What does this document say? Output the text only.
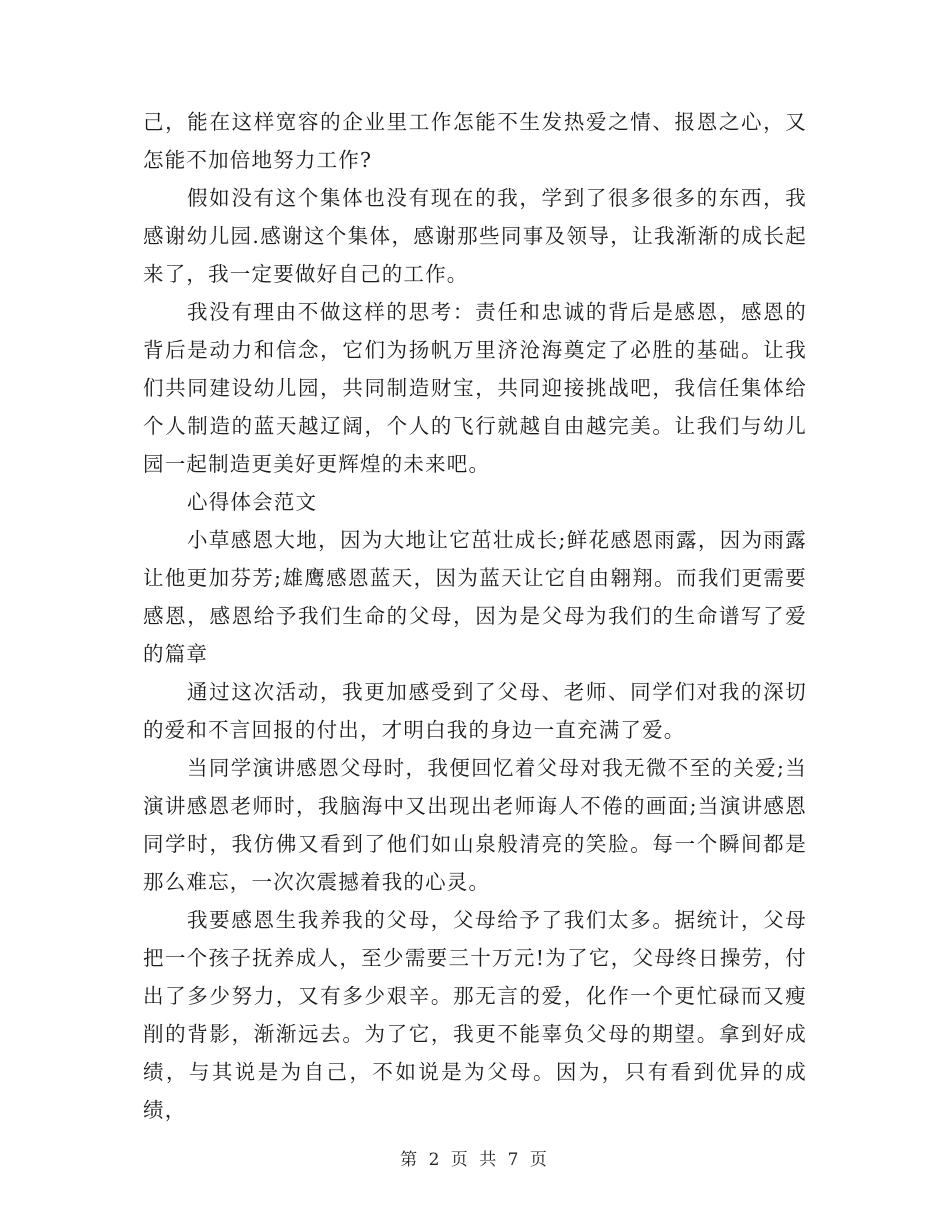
己，能在这样宽容的企业里工作怎能不生发热爱之情、报恩之心，又怎能不加倍地努力工作?

假如没有这个集体也没有现在的我，学到了很多很多的东西，我感谢幼儿园.感谢这个集体，感谢那些同事及领导，让我渐渐的成长起来了，我一定要做好自己的工作。

我没有理由不做这样的思考：责任和忠诚的背后是感恩，感恩的背后是动力和信念，它们为扬帆万里济沧海奠定了必胜的基础。让我们共同建设幼儿园，共同制造财宝，共同迎接挑战吧，我信任集体给个人制造的蓝天越辽阔，个人的飞行就越自由越完美。让我们与幼儿园一起制造更美好更辉煌的未来吧。

心得体会范文

小草感恩大地，因为大地让它茁壮成长;鲜花感恩雨露，因为雨露让他更加芬芳;雄鹰感恩蓝天，因为蓝天让它自由翱翔。而我们更需要感恩，感恩给予我们生命的父母，因为是父母为我们的生命谱写了爱的篇章

通过这次活动，我更加感受到了父母、老师、同学们对我的深切的爱和不言回报的付出，才明白我的身边一直充满了爱。

当同学演讲感恩父母时，我便回忆着父母对我无微不至的关爱;当演讲感恩老师时，我脑海中又出现出老师诲人不倦的画面;当演讲感恩同学时，我仿佛又看到了他们如山泉般清亮的笑脸。每一个瞬间都是那么难忘，一次次震撼着我的心灵。

我要感恩生我养我的父母，父母给予了我们太多。据统计，父母把一个孩子抚养成人，至少需要三十万元!为了它，父母终日操劳，付出了多少努力，又有多少艰辛。那无言的爱，化作一个更忙碌而又瘦削的背影，渐渐远去。为了它，我更不能辜负父母的期望。拿到好成绩，与其说是为自己，不如说是为父母。因为，只有看到优异的成绩，

第 2 页 共 7 页
